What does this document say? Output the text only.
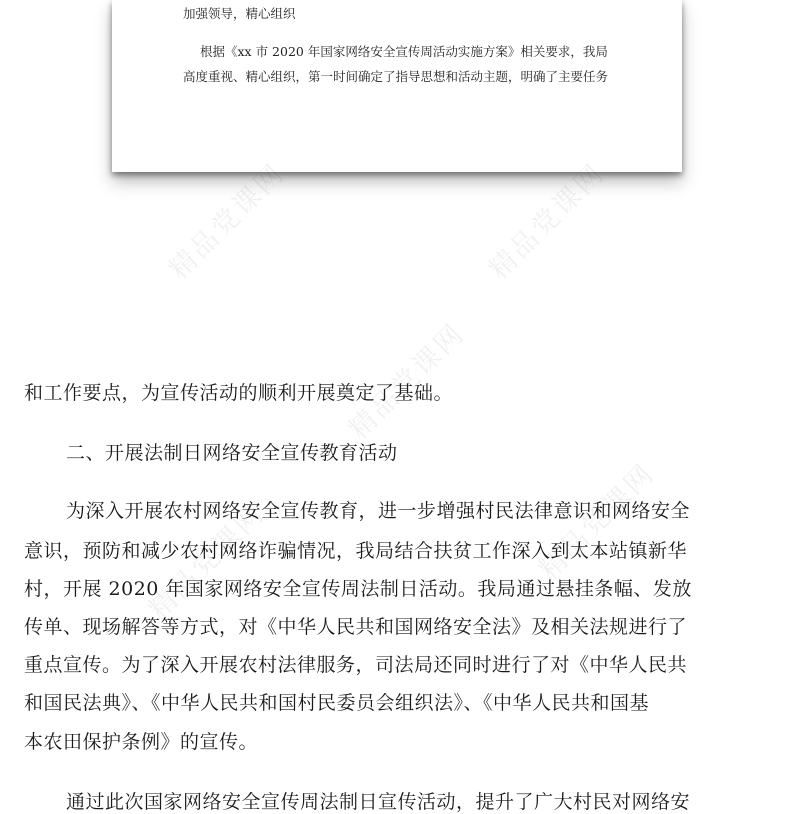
加强领导，精心组织
根据《xx 市 2020 年国家网络安全宣传周活动实施方案》相关要求，我局
高度重视、精心组织，第一时间确定了指导思想和活动主题，明确了主要任务
精品党课网	精品党课网
精品党课网
精品党课网
精品党课网
和工作要点，为宣传活动的顺利开展奠定了基础。
二、开展法制日网络安全宣传教育活动
为深入开展农村网络安全宣传教育，进一步增强村民法律意识和网络安全
意识，预防和减少农村网络诈骗情况，我局结合扶贫工作深入到太本站镇新华
村，开展 2020 年国家网络安全宣传周法制日活动。我局通过悬挂条幅、发放
传单、现场解答等方式，对《中华人民共和国网络安全法》及相关法规进行了
重点宣传。为了深入开展农村法律服务，司法局还同时进行了对《中华人民共
和国民法典》、《中华人民共和国村民委员会组织法》、《中华人民共和国基
本农田保护条例》的宣传。
通过此次国家网络安全宣传周法制日宣传活动，提升了广大村民对网络安
